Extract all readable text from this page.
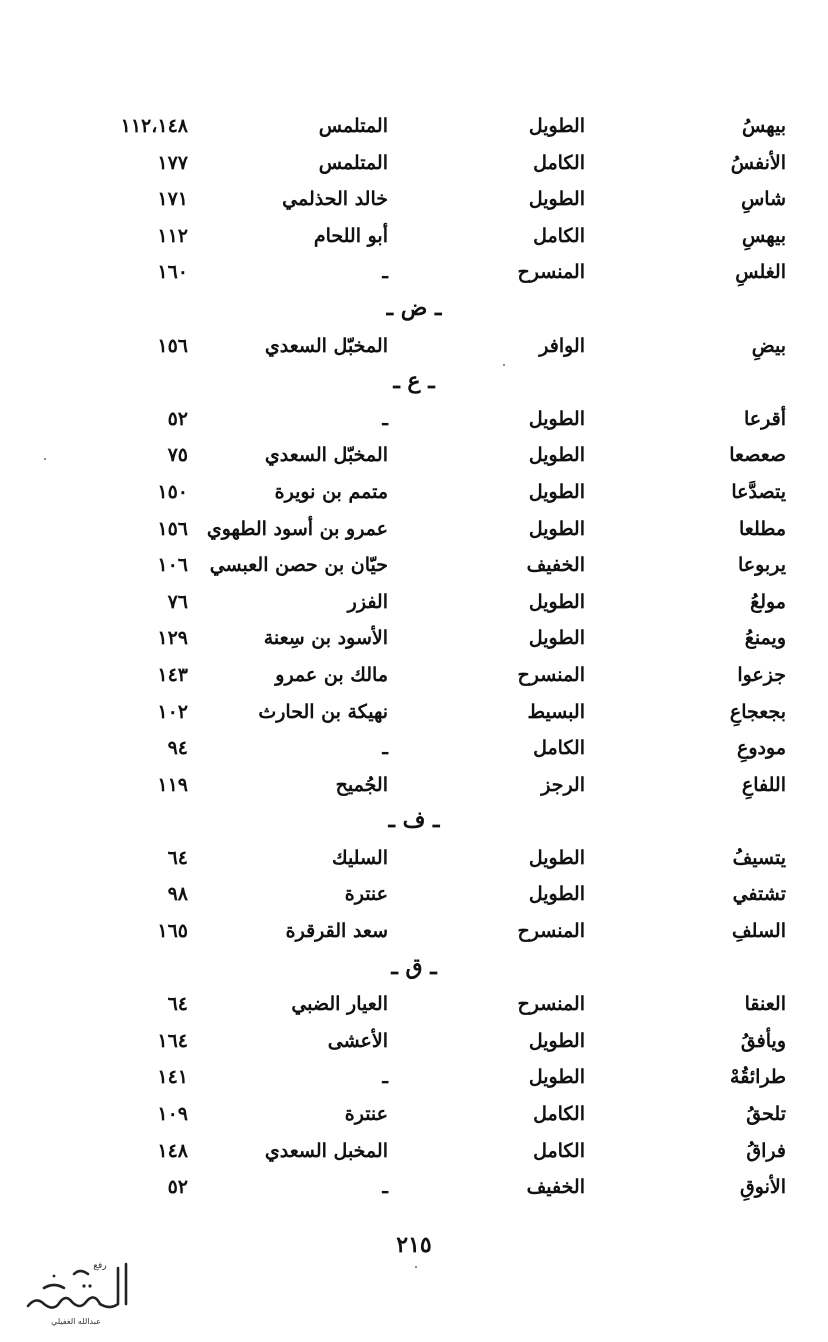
بيهسُ
الطويل
المتلمس
١١٢،١٤٨
الأنفسُ
الكامل
المتلمس
١٧٧
شاسِ
الطويل
خالد الحذلمي
١٧١
بيهسِ
الكامل
أبو اللحام
١١٢
الغلسِ
المنسرح
ـ
١٦٠
ـ ض ـ
بيضِ
الوافر
المخبّل السعدي
١٥٦
ـ ع ـ
أقرعا
الطويل
ـ
٥٢
صعصعا
الطويل
المخبّل السعدي
٧٥
يتصدَّعا
الطويل
متمم بن نويرة
١٥٠
مطلعا
الطويل
عمرو بن أسود الطهوي
١٥٦
يربوعا
الخفيف
حيّان بن حصن العبسي
١٠٦
مولعُ
الطويل
الفزر
٧٦
ويمنعُ
الطويل
الأسود بن سِعنة
١٢٩
جزعوا
المنسرح
مالك بن عمرو
١٤٣
بجعجاعِ
البسيط
نهيكة بن الحارث
١٠٢
مودوعِ
الكامل
ـ
٩٤
اللفاعِ
الرجز
الجُميح
١١٩
ـ ف ـ
يتسيفُ
الطويل
السليك
٦٤
تشتفي
الطويل
عنترة
٩٨
السلفِ
المنسرح
سعد القرقرة
١٦٥
ـ ق ـ
العنقا
المنسرح
العيار الضبي
٦٤
ويأفقُ
الطويل
الأعشى
١٦٤
طرائقُهْ
الطويل
ـ
١٤١
تلحقُ
الكامل
عنترة
١٠٩
فراقُ
الكامل
المخبل السعدي
١٤٨
الأنوقِ
الخفيف
ـ
٥٢
٢١٥
عبدالله الغفيلي
رفع
